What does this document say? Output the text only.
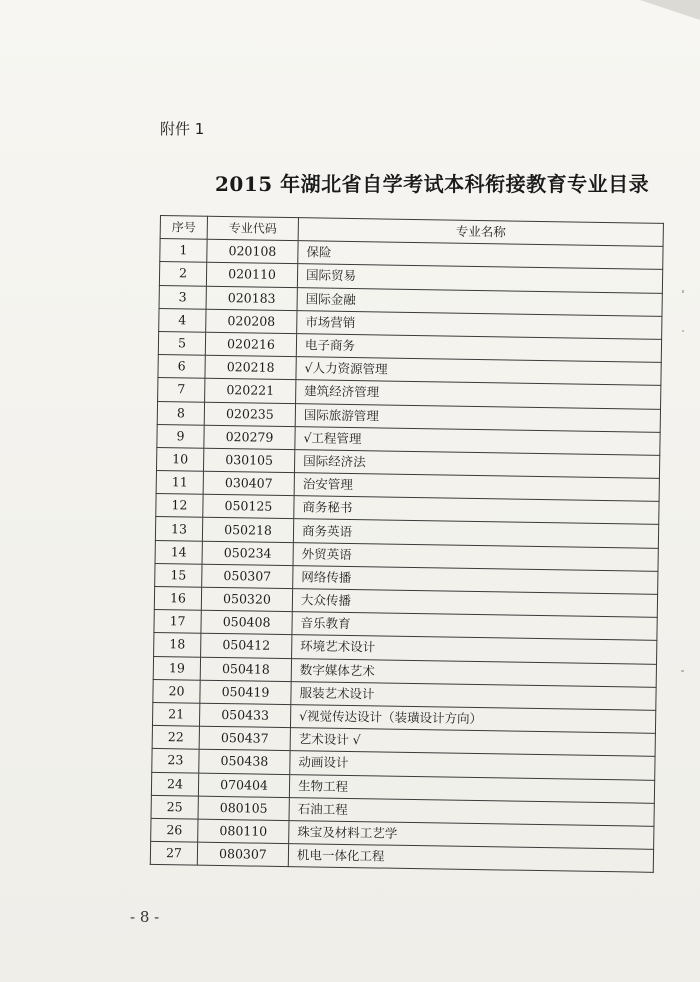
附件 1
2015 年湖北省自学考试本科衔接教育专业目录
序号	专业代码	专业名称
1	020108	保险
2	020110	国际贸易
3	020183	国际金融
4	020208	市场营销
5	020216	电子商务
6	020218	√人力资源管理
7	020221	建筑经济管理
8	020235	国际旅游管理
9	020279	√工程管理
10	030105	国际经济法
11	030407	治安管理
12	050125	商务秘书
13	050218	商务英语
14	050234	外贸英语
15	050307	网络传播
16	050320	大众传播
17	050408	音乐教育
18	050412	环境艺术设计
19	050418	数字媒体艺术
20	050419	服装艺术设计
21	050433	√视觉传达设计（装璜设计方向）
22	050437	艺术设计 √
23	050438	动画设计
24	070404	生物工程
25	080105	石油工程
26	080110	珠宝及材料工艺学
27	080307	机电一体化工程
- 8 -
